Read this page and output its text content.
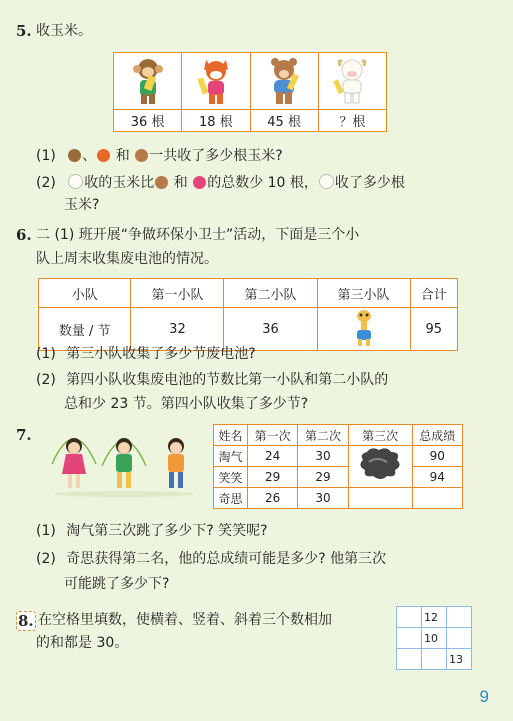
5. 收玉米。
36 根	18 根	45 根	？根
(1) 、 和 一共收了多少根玉米?
(2) 收的玉米比 和 的总数少 10 根， 收了多少根
玉米?
6. 二 (1) 班开展“争做环保小卫士”活动，下面是三个小
队上周末收集废电池的情况。
小队	第一小队	第二小队	第三小队	合计
数量 / 节	32	36		95
(1) 第三小队收集了多少节废电池?
(2) 第四小队收集废电池的节数比第一小队和第二小队的
总和少 23 节。第四小队收集了多少节?
7.	姓名	第一次	第二次	第三次	总成绩
淘气	24	30		90
笑笑	29	29		94
奇思	26	30		
(1) 淘气第三次跳了多少下? 笑笑呢?
(2) 奇思获得第二名，他的总成绩可能是多少? 他第三次
可能跳了多少下?
8. 在空格里填数，使横着、竖着、斜着三个数相加
的和都是 30。
	12	
	10	
		13
9
